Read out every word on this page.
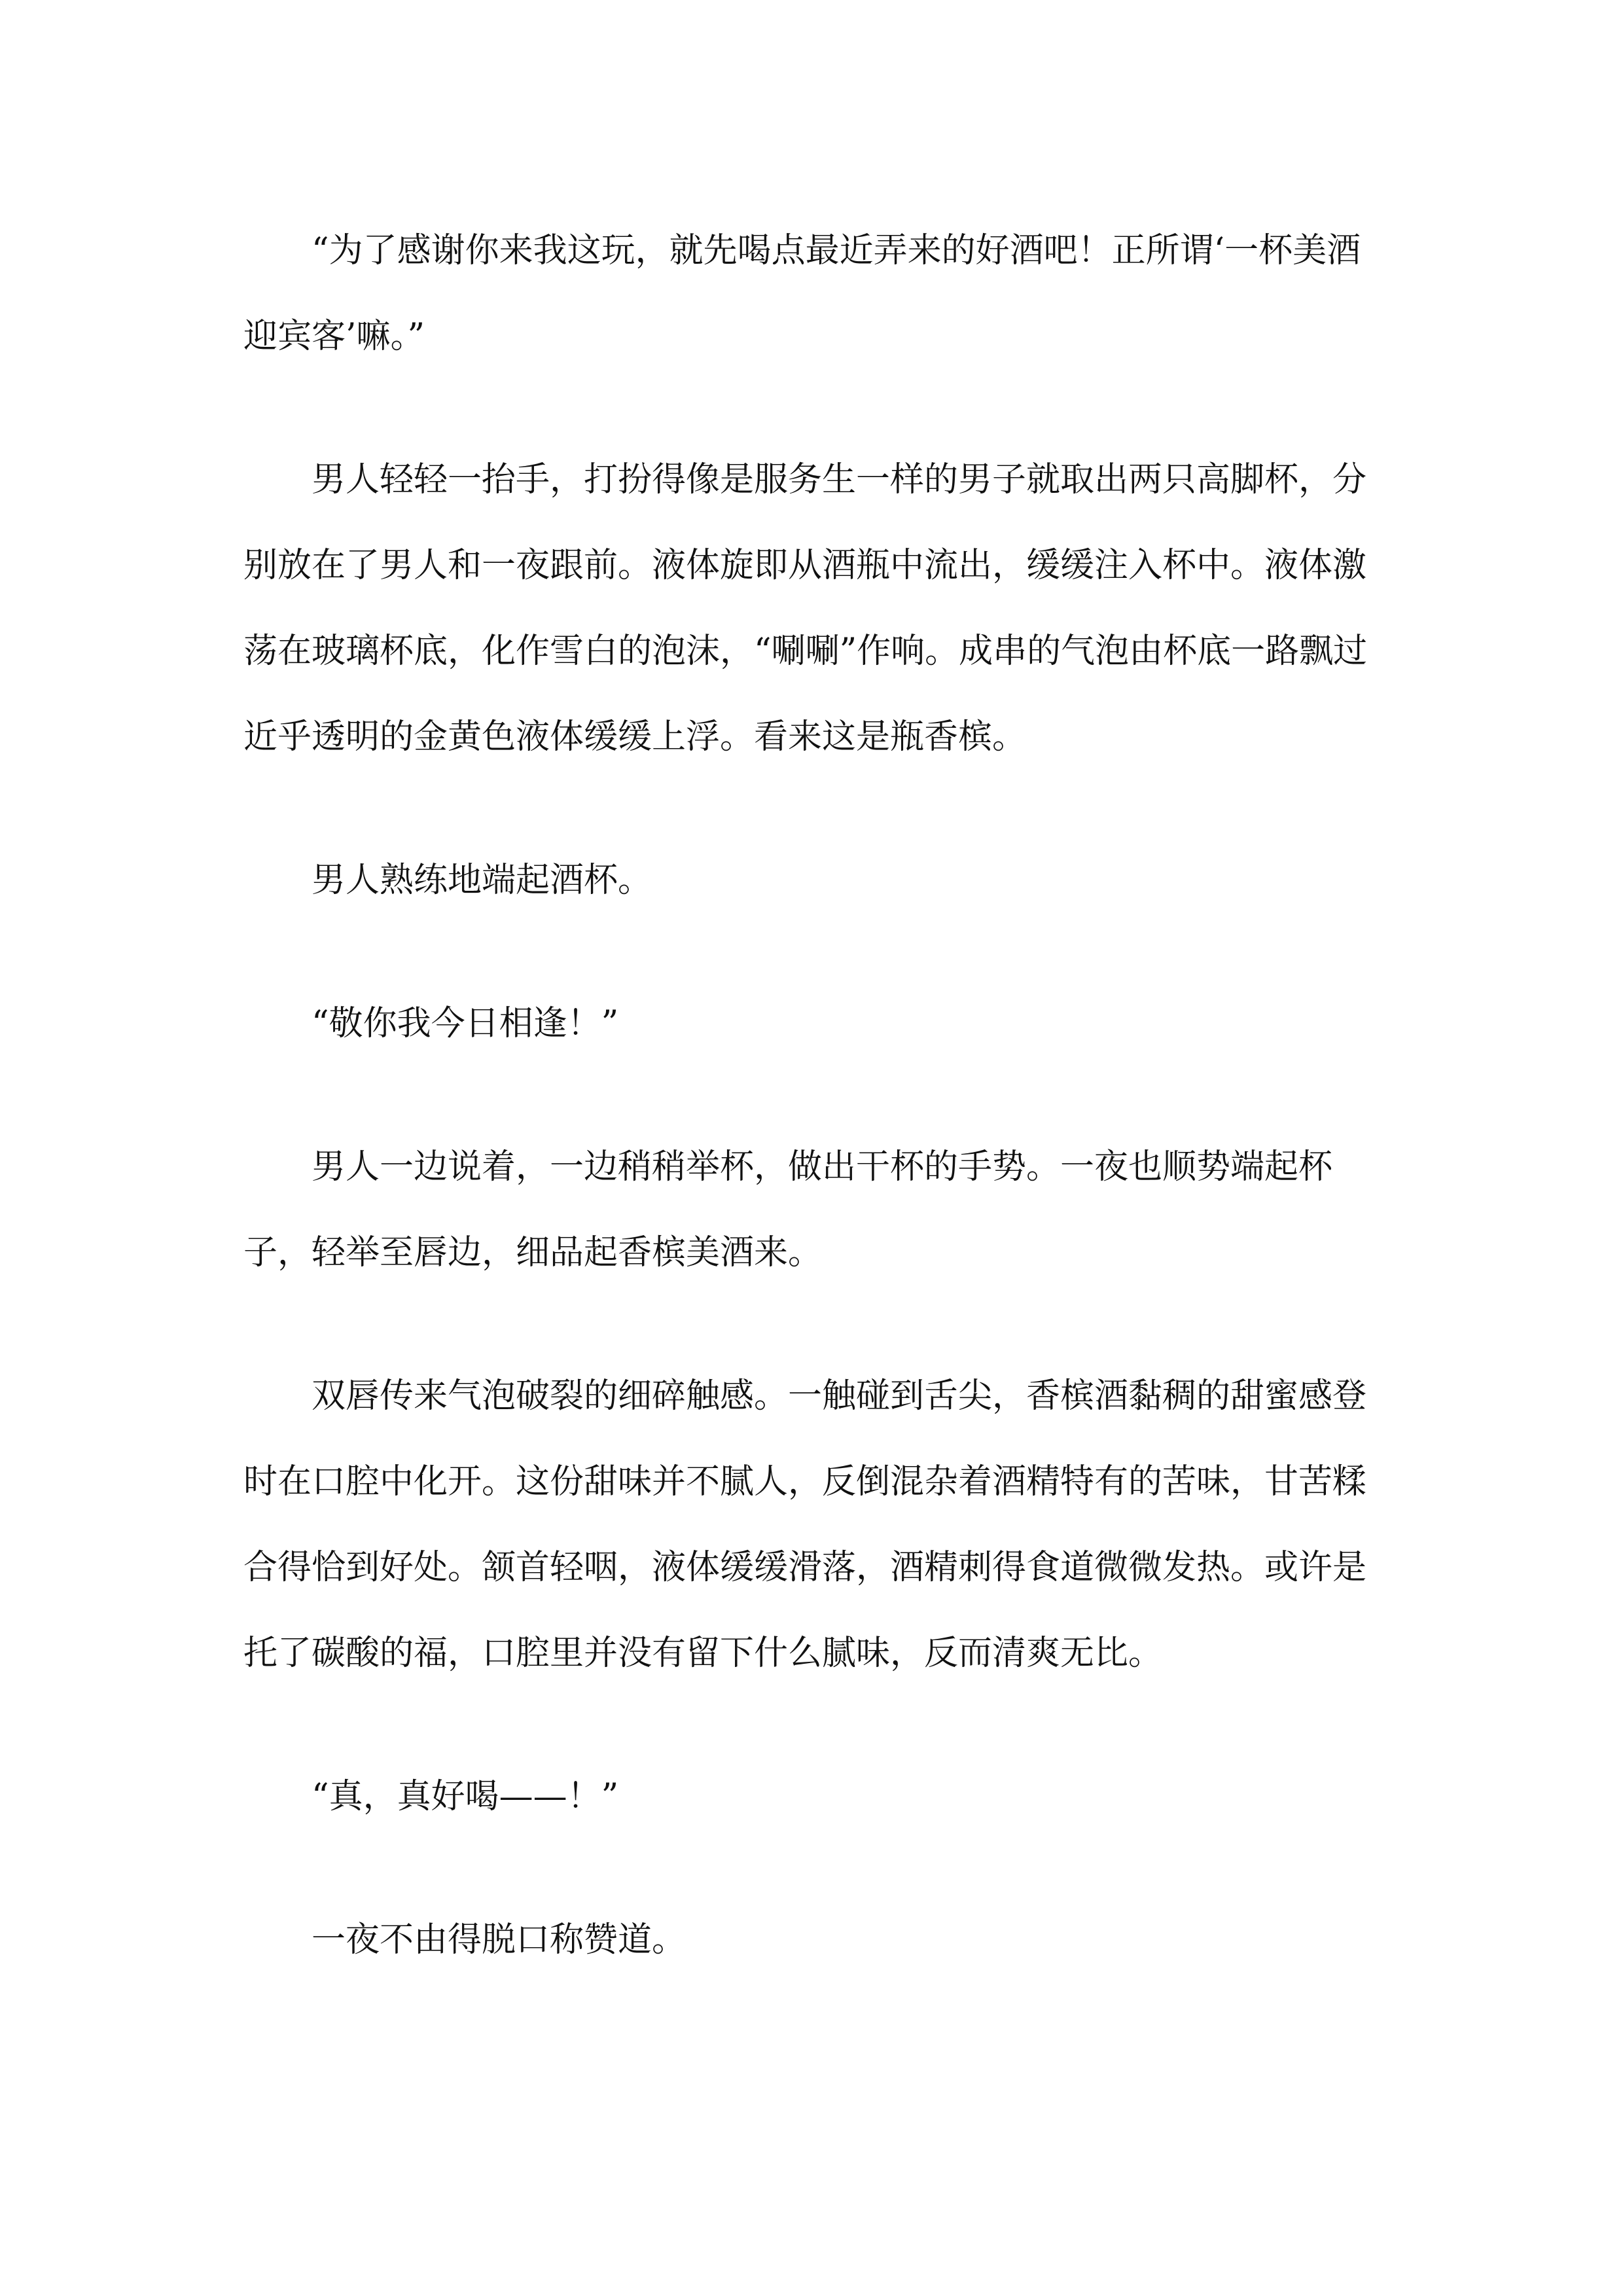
“为了感谢你来我这玩，就先喝点最近弄来的好酒吧！正所谓‘一杯美酒迎宾客’嘛。”

男人轻轻一抬手，打扮得像是服务生一样的男子就取出两只高脚杯，分别放在了男人和一夜跟前。液体旋即从酒瓶中流出，缓缓注入杯中。液体激荡在玻璃杯底，化作雪白的泡沫，“唰唰”作响。成串的气泡由杯底一路飘过近乎透明的金黄色液体缓缓上浮。看来这是瓶香槟。

男人熟练地端起酒杯。

“敬你我今日相逢！”

男人一边说着，一边稍稍举杯，做出干杯的手势。一夜也顺势端起杯子，轻举至唇边，细品起香槟美酒来。

双唇传来气泡破裂的细碎触感。一触碰到舌尖，香槟酒黏稠的甜蜜感登时在口腔中化开。这份甜味并不腻人，反倒混杂着酒精特有的苦味，甘苦糅合得恰到好处。颔首轻咽，液体缓缓滑落，酒精刺得食道微微发热。或许是托了碳酸的福，口腔里并没有留下什么腻味，反而清爽无比。

“真，真好喝——！”

一夜不由得脱口称赞道。
